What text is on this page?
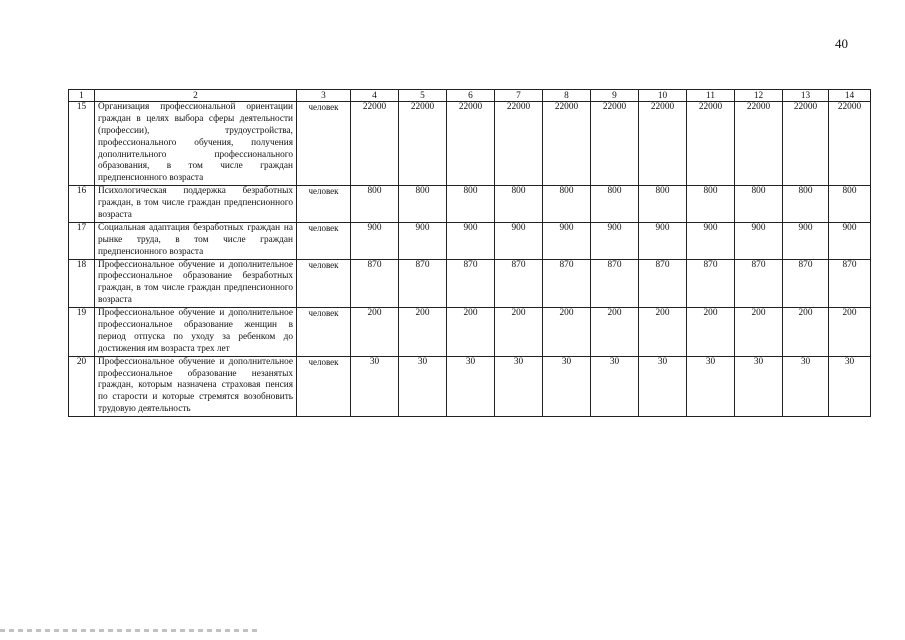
40
1	2	3	4	5	6	7	8	9	10	11	12	13	14
15	Организация профессиональной ориентации граждан в целях выбора сферы деятельности (профессии), трудоустройства, профессионального обучения, получения дополнительного профессионального образования, в том числе граждан предпенсионного возраста	человек	22000	22000	22000	22000	22000	22000	22000	22000	22000	22000	22000
16	Психологическая поддержка безработных граждан, в том числе граждан предпенсионного возраста	человек	800	800	800	800	800	800	800	800	800	800	800
17	Социальная адаптация безработных граждан на рынке труда, в том числе граждан предпенсионного возраста	человек	900	900	900	900	900	900	900	900	900	900	900
18	Профессиональное обучение и дополнительное профессиональное образование безработных граждан, в том числе граждан предпенсионного возраста	человек	870	870	870	870	870	870	870	870	870	870	870
19	Профессиональное обучение и дополнительное профессиональное образование женщин в период отпуска по уходу за ребенком до достижения им возраста трех лет	человек	200	200	200	200	200	200	200	200	200	200	200
20	Профессиональное обучение и дополнительное профессиональное образование незанятых граждан, которым назначена страховая пенсия по старости и которые стремятся возобновить трудовую деятельность	человек	30	30	30	30	30	30	30	30	30	30	30
